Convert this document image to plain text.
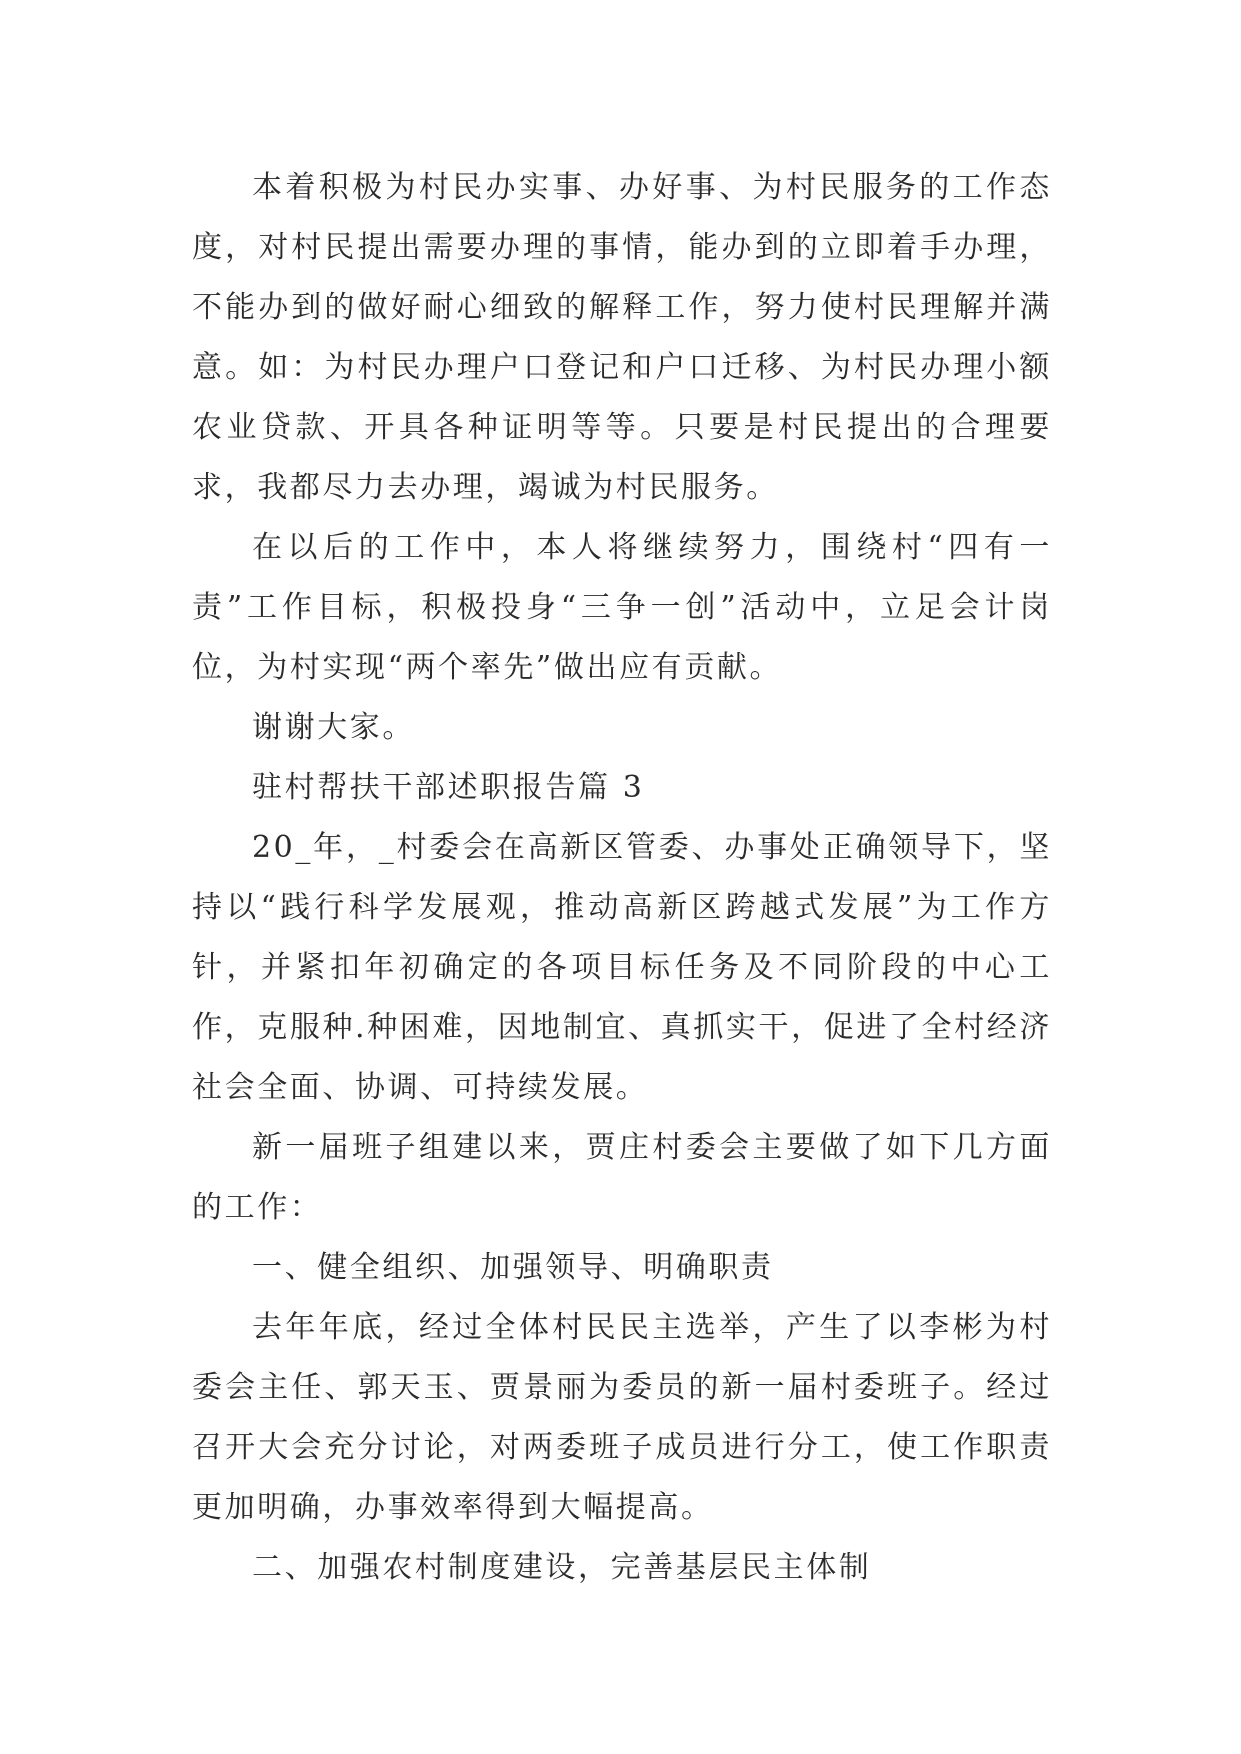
本着积极为村民办实事、办好事、为村民服务的工作态度，对村民提出需要办理的事情，能办到的立即着手办理，不能办到的做好耐心细致的解释工作，努力使村民理解并满意。如：为村民办理户口登记和户口迁移、为村民办理小额农业贷款、开具各种证明等等。只要是村民提出的合理要求，我都尽力去办理，竭诚为村民服务。

在以后的工作中，本人将继续努力，围绕村“四有一责”工作目标，积极投身“三争一创”活动中，立足会计岗位，为村实现“两个率先”做出应有贡献。

谢谢大家。

驻村帮扶干部述职报告篇 3

20_年，_村委会在高新区管委、办事处正确领导下，坚持以“践行科学发展观，推动高新区跨越式发展”为工作方针，并紧扣年初确定的各项目标任务及不同阶段的中心工作，克服种.种困难，因地制宜、真抓实干，促进了全村经济社会全面、协调、可持续发展。

新一届班子组建以来，贾庄村委会主要做了如下几方面的工作：

一、健全组织、加强领导、明确职责

去年年底，经过全体村民民主选举，产生了以李彬为村委会主任、郭天玉、贾景丽为委员的新一届村委班子。经过召开大会充分讨论，对两委班子成员进行分工，使工作职责更加明确，办事效率得到大幅提高。

二、加强农村制度建设，完善基层民主体制
